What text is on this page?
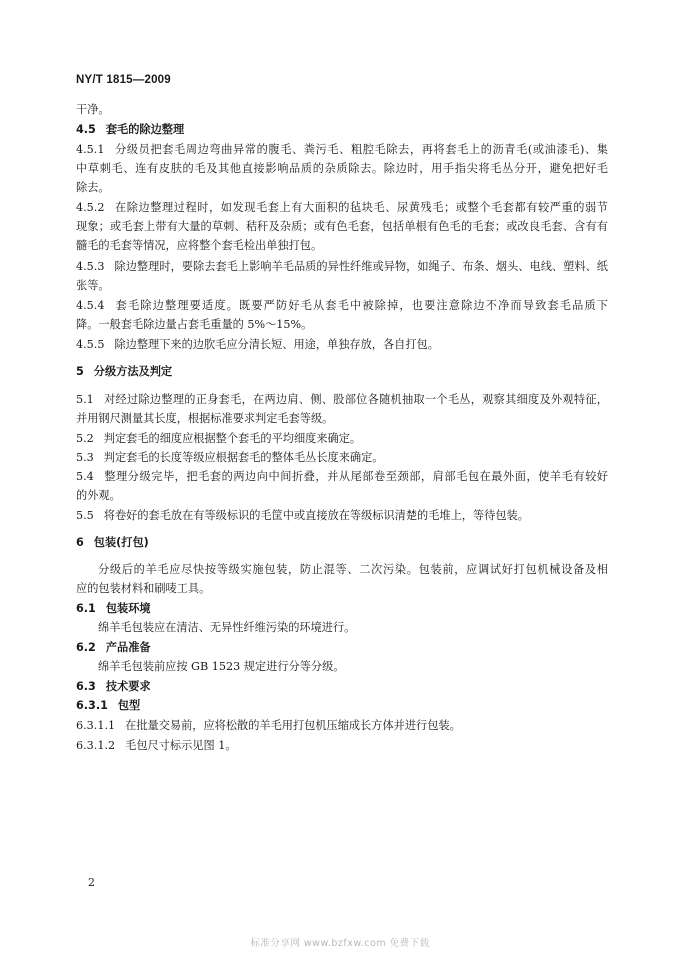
NY/T 1815—2009
干净。
4.5 套毛的除边整理
4.5.1 分级员把套毛周边弯曲异常的腹毛、粪污毛、粗腔毛除去，再将套毛上的沥青毛(或油漆毛)、集
中草刺毛、连有皮肤的毛及其他直接影响品质的杂质除去。除边时，用手指尖将毛丛分开，避免把好毛
除去。
4.5.2 在除边整理过程时，如发现毛套上有大面积的毡块毛、尿黄残毛；或整个毛套都有较严重的弱节
现象；或毛套上带有大量的草刺、秸秆及杂质；或有色毛套，包括单根有色毛的毛套；或改良毛套、含有有
髓毛的毛套等情况，应将整个套毛检出单独打包。
4.5.3 除边整理时，要除去套毛上影响羊毛品质的异性纤维或异物，如绳子、布条、烟头、电线、塑料、纸
张等。
4.5.4 套毛除边整理要适度。既要严防好毛从套毛中被除掉，也要注意除边不净而导致套毛品质下
降。一般套毛除边量占套毛重量的 5%～15%。
4.5.5 除边整理下来的边肷毛应分清长短、用途，单独存放，各自打包。
5 分级方法及判定
5.1 对经过除边整理的正身套毛，在两边肩、侧、股部位各随机抽取一个毛丛，观察其细度及外观特征，
并用钢尺测量其长度，根据标准要求判定毛套等级。
5.2 判定套毛的细度应根据整个套毛的平均细度来确定。
5.3 判定套毛的长度等级应根据套毛的整体毛丛长度来确定。
5.4 整理分级完毕，把毛套的两边向中间折叠，并从尾部卷至颈部，肩部毛包在最外面，使羊毛有较好
的外观。
5.5 将卷好的套毛放在有等级标识的毛筐中或直接放在等级标识清楚的毛堆上，等待包装。
6 包装(打包)
分级后的羊毛应尽快按等级实施包装，防止混等、二次污染。包装前，应调试好打包机械设备及相
应的包装材料和刷唛工具。
6.1 包装环境
绵羊毛包装应在清洁、无异性纤维污染的环境进行。
6.2 产品准备
绵羊毛包装前应按 GB 1523 规定进行分等分级。
6.3 技术要求
6.3.1 包型
6.3.1.1 在批量交易前，应将松散的羊毛用打包机压缩成长方体并进行包装。
6.3.1.2 毛包尺寸标示见图 1。
2
标准分享网 www.bzfxw.com 免费下载
